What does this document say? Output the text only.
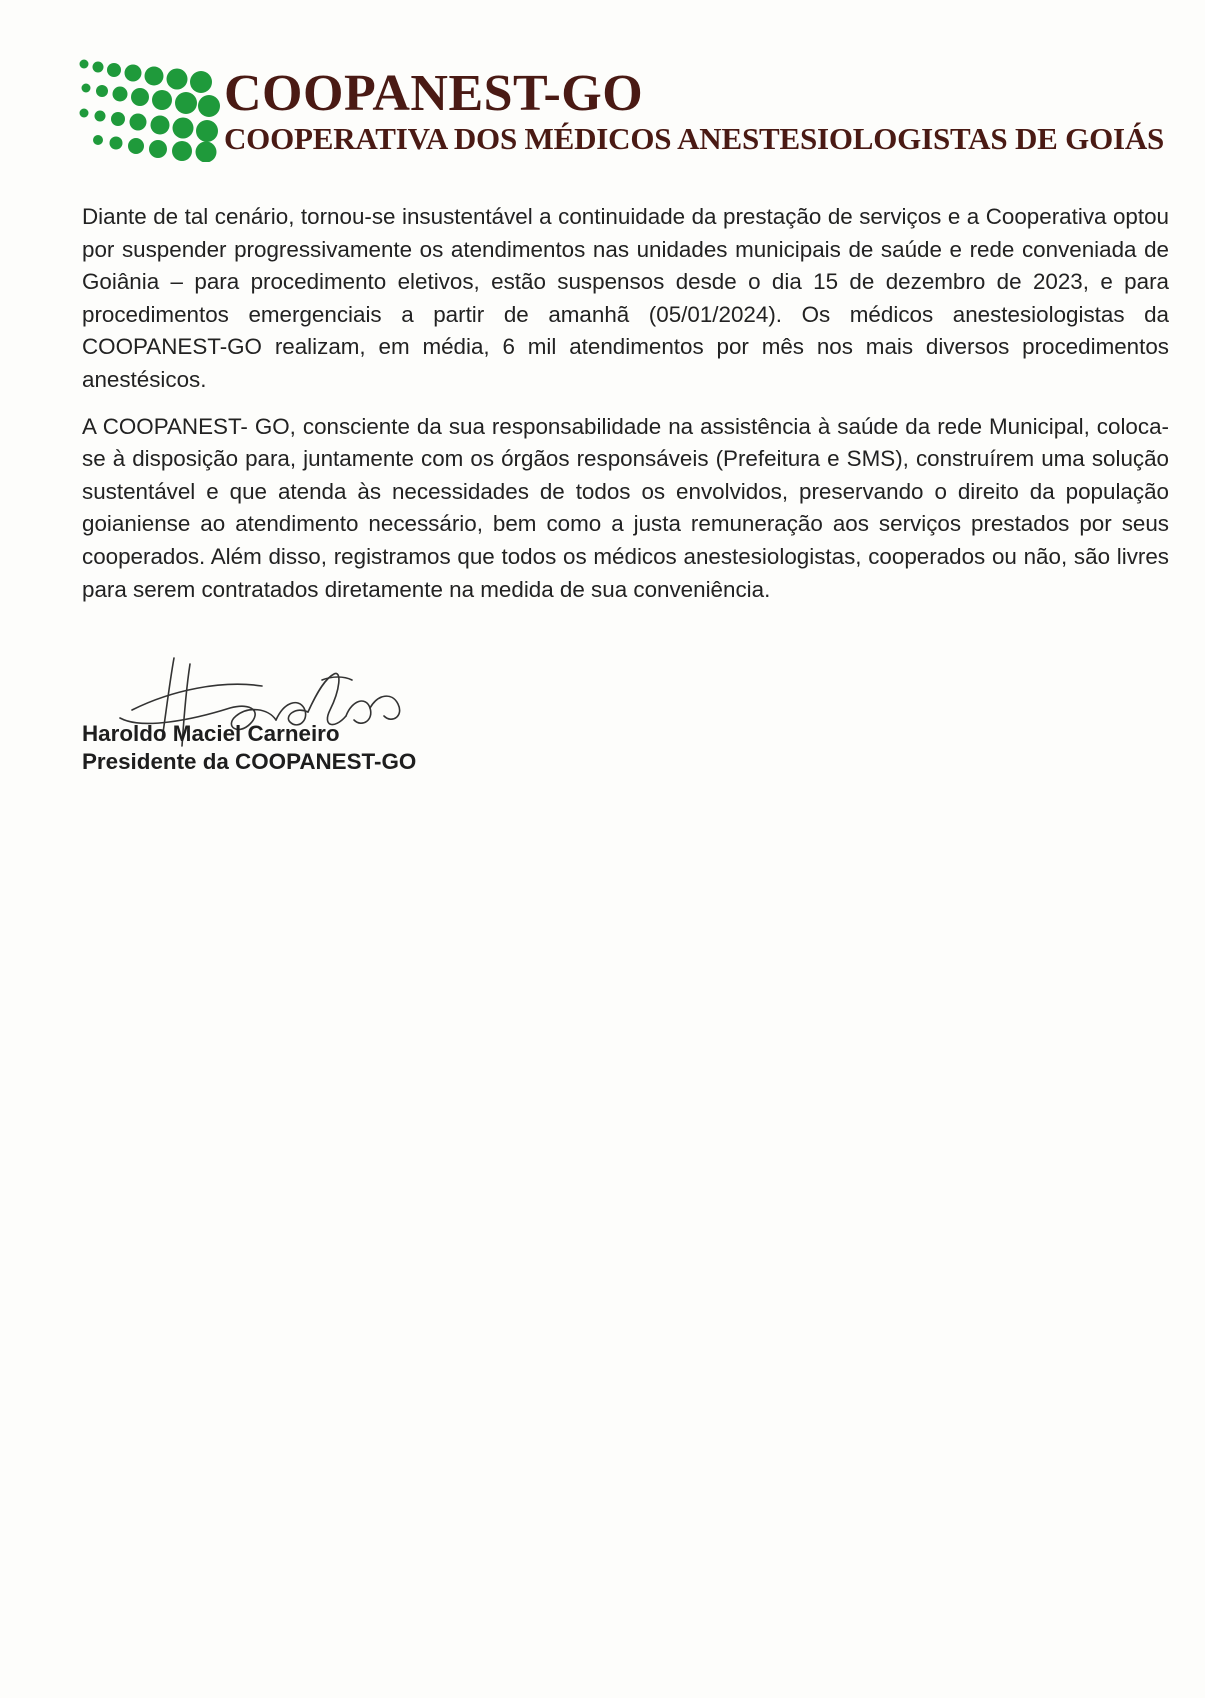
COOPANEST-GO
COOPERATIVA DOS MÉDICOS ANESTESIOLOGISTAS DE GOIÁS

Diante de tal cenário, tornou-se insustentável a continuidade da prestação de serviços e a Cooperativa optou por suspender progressivamente os atendimentos nas unidades municipais de saúde e rede conveniada de Goiânia – para procedimento eletivos, estão suspensos desde o dia 15 de dezembro de 2023, e para procedimentos emergenciais a partir de amanhã (05/01/2024). Os médicos anestesiologistas da COOPANEST-GO realizam, em média, 6 mil atendimentos por mês nos mais diversos procedimentos anestésicos.

A COOPANEST- GO, consciente da sua responsabilidade na assistência à saúde da rede Municipal, coloca-se à disposição para, juntamente com os órgãos responsáveis (Prefeitura e SMS), construírem uma solução sustentável e que atenda às necessidades de todos os envolvidos, preservando o direito da população goianiense ao atendimento necessário, bem como a justa remuneração aos serviços prestados por seus cooperados. Além disso, registramos que todos os médicos anestesiologistas, cooperados ou não, são livres para serem contratados diretamente na medida de sua conveniência.

Haroldo Maciel Carneiro
Presidente da COOPANEST-GO
